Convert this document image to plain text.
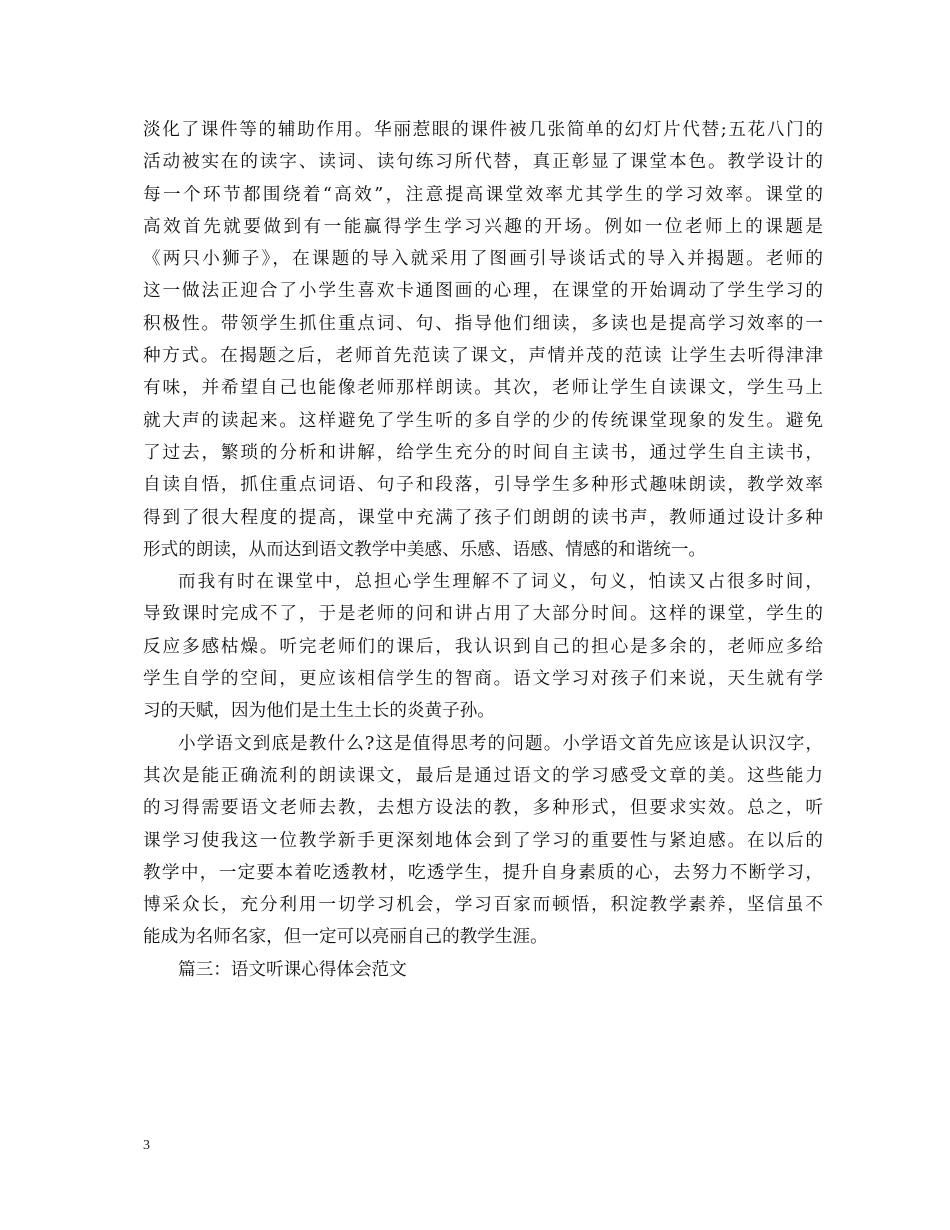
淡化了课件等的辅助作用。华丽惹眼的课件被几张简单的幻灯片代替;五花八门的
活动被实在的读字、读词、读句练习所代替，真正彰显了课堂本色。教学设计的
每一个环节都围绕着“高效”，注意提高课堂效率尤其学生的学习效率。课堂的
高效首先就要做到有一能赢得学生学习兴趣的开场。例如一位老师上的课题是
《两只小狮子》，在课题的导入就采用了图画引导谈话式的导入并揭题。老师的
这一做法正迎合了小学生喜欢卡通图画的心理，在课堂的开始调动了学生学习的
积极性。带领学生抓住重点词、句、指导他们细读，多读也是提高学习效率的一
种方式。在揭题之后，老师首先范读了课文，声情并茂的范读 让学生去听得津津
有味，并希望自己也能像老师那样朗读。其次，老师让学生自读课文，学生马上
就大声的读起来。这样避免了学生听的多自学的少的传统课堂现象的发生。避免
了过去，繁琐的分析和讲解，给学生充分的时间自主读书，通过学生自主读书，
自读自悟，抓住重点词语、句子和段落，引导学生多种形式趣味朗读，教学效率
得到了很大程度的提高，课堂中充满了孩子们朗朗的读书声，教师通过设计多种
形式的朗读，从而达到语文教学中美感、乐感、语感、情感的和谐统一。
而我有时在课堂中，总担心学生理解不了词义，句义，怕读又占很多时间，
导致课时完成不了，于是老师的问和讲占用了大部分时间。这样的课堂，学生的
反应多感枯燥。听完老师们的课后，我认识到自己的担心是多余的，老师应多给
学生自学的空间，更应该相信学生的智商。语文学习对孩子们来说，天生就有学
习的天赋，因为他们是土生土长的炎黄子孙。
小学语文到底是教什么?这是值得思考的问题。小学语文首先应该是认识汉字，
其次是能正确流利的朗读课文，最后是通过语文的学习感受文章的美。这些能力
的习得需要语文老师去教，去想方设法的教，多种形式，但要求实效。总之，听
课学习使我这一位教学新手更深刻地体会到了学习的重要性与紧迫感。在以后的
教学中，一定要本着吃透教材，吃透学生，提升自身素质的心，去努力不断学习，
博采众长，充分利用一切学习机会，学习百家而顿悟，积淀教学素养，坚信虽不
能成为名师名家，但一定可以亮丽自己的教学生涯。
篇三：语文听课心得体会范文
3
